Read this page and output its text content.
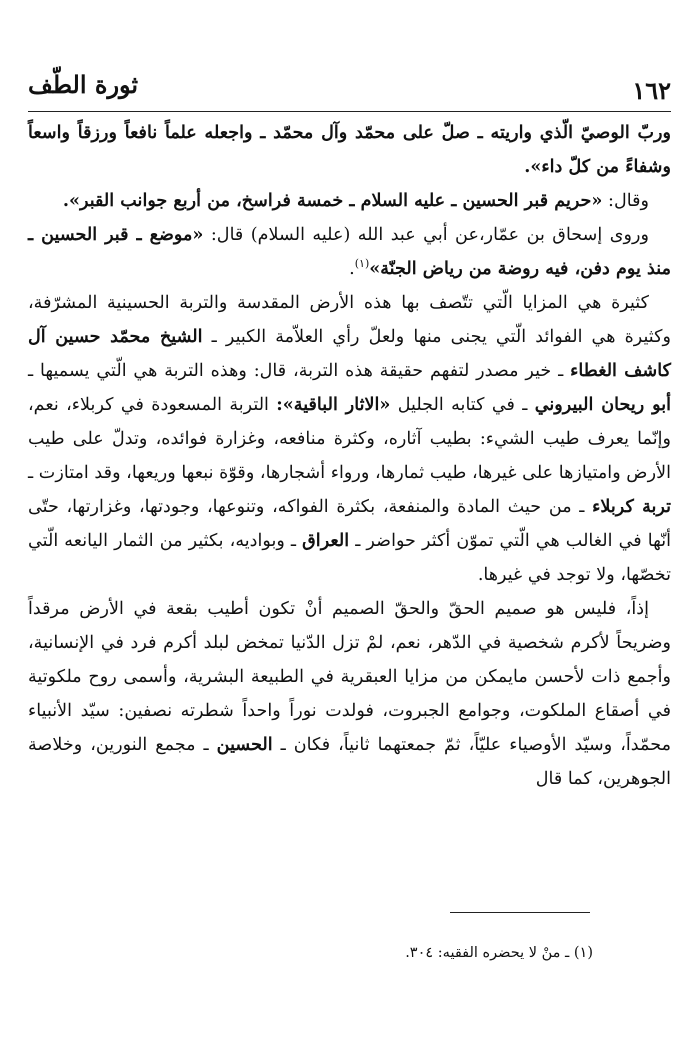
١٦٢
ثورة الطّف

وربّ الوصيّ الّذي واريته ـ صلّ على محمّد وآل محمّد ـ واجعله علماً نافعاً ورزقاً واسعاً وشفاءً من كلّ داء».

وقال: «حريم قبر الحسين ـ عليه السلام ـ خمسة فراسخ، من أربع جوانب القبر».

وروى إسحاق بن عمّار،عن أبي عبد الله (عليه السلام) قال: «موضع ـ قبر الحسين ـ منذ يوم دفن، فيه روضة من رياض الجنّة»$^{(١)}$.

كثيرة هي المزايا الّتي تتّصف بها هذه الأرض المقدسة والتربة الحسينية المشرّفة، وكثيرة هي الفوائد الّتي يجنى منها ولعلّ رأي العلاّمة الكبير ـ الشيخ محمّد حسين آل كاشف الغطاء ـ خير مصدر لتفهم حقيقة هذه التربة، قال: وهذه التربة هي الّتي يسميها ـ أبو ريحان البيروني ـ في كتابه الجليل «الاثار الباقية»: التربة المسعودة في كربلاء، نعم، وإنّما يعرف طيب الشيء: بطيب آثاره، وكثرة منافعه، وغزارة فوائده، وتدلّ على طيب الأرض وامتيازها على غيرها، طيب ثمارها، ورواء أشجارها، وقوّة نبعها وريعها، وقد امتازت ـ تربة كربلاء ـ من حيث المادة والمنفعة، بكثرة الفواكه، وتنوعها، وجودتها، وغزارتها، حتّى أنّها في الغالب هي الّتي تموّن أكثر حواضر ـ العراق ـ وبواديه، بكثير من الثمار اليانعه الّتي تخصّها، ولا توجد في غيرها.

إذاً، فليس هو صميم الحقّ والحقّ الصميم أنْ تكون أطيب بقعة في الأرض مرقداً وضريحاً لأكرم شخصية في الدّهر، نعم، لمْ تزل الدّنيا تمخض لبلد أكرم فرد في الإنسانية، وأجمع ذات لأحسن مايمكن من مزايا العبقرية في الطبيعة البشرية، وأسمى روح ملكوتية في أصقاع الملكوت، وجوامع الجبروت، فولدت نوراً واحداً شطرته نصفين: سيّد الأنبياء محمّداً، وسيّد الأوصياء عليّاً، ثمّ جمعتهما ثانياً، فكان ـ الحسين ـ مجمع النورين، وخلاصة الجوهرين، كما قال

(١) ـ منْ لا يحضره الفقيه: ٣٠٤.
